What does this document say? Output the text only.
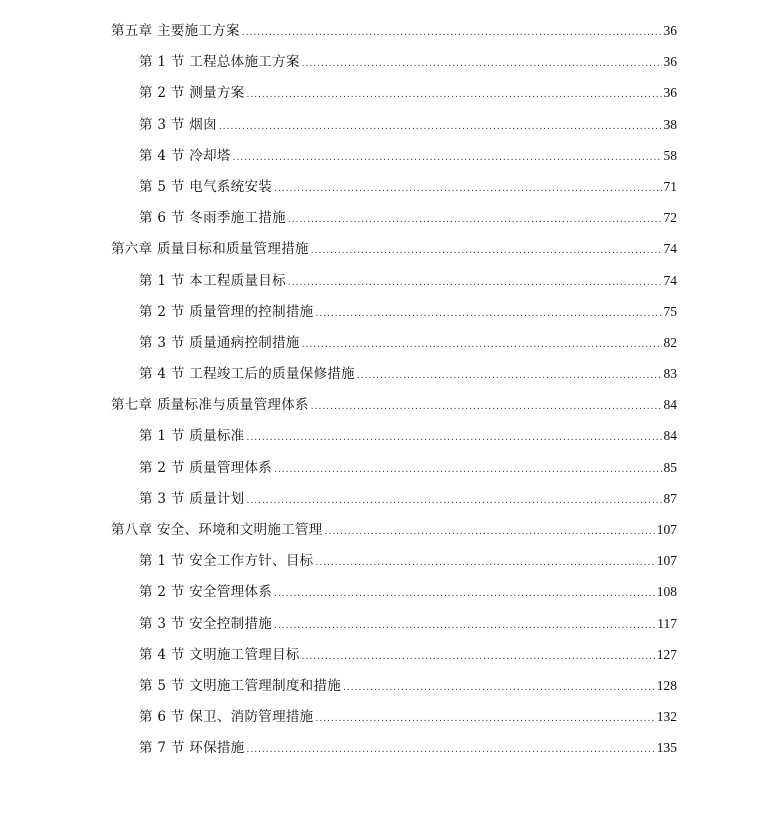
第五章 主要施工方案 .....	36
第 1 节 工程总体施工方案 .....	36
第 2 节 测量方案 .....	36
第 3 节 烟囱 .....	38
第 4 节 冷却塔 .....	58
第 5 节 电气系统安装 .....	71
第 6 节 冬雨季施工措施 .....	72
第六章 质量目标和质量管理措施 .....	74
第 1 节 本工程质量目标 .....	74
第 2 节 质量管理的控制措施 .....	75
第 3 节 质量通病控制措施 .....	82
第 4 节 工程竣工后的质量保修措施 .....	83
第七章 质量标准与质量管理体系 .....	84
第 1 节 质量标准 .....	84
第 2 节 质量管理体系 .....	85
第 3 节 质量计划 .....	87
第八章 安全、环境和文明施工管理 .....	107
第 1 节 安全工作方针、目标 .....	107
第 2 节 安全管理体系 .....	108
第 3 节 安全控制措施 .....	117
第 4 节 文明施工管理目标 .....	127
第 5 节 文明施工管理制度和措施 .....	128
第 6 节 保卫、消防管理措施 .....	132
第 7 节 环保措施 .....	135
